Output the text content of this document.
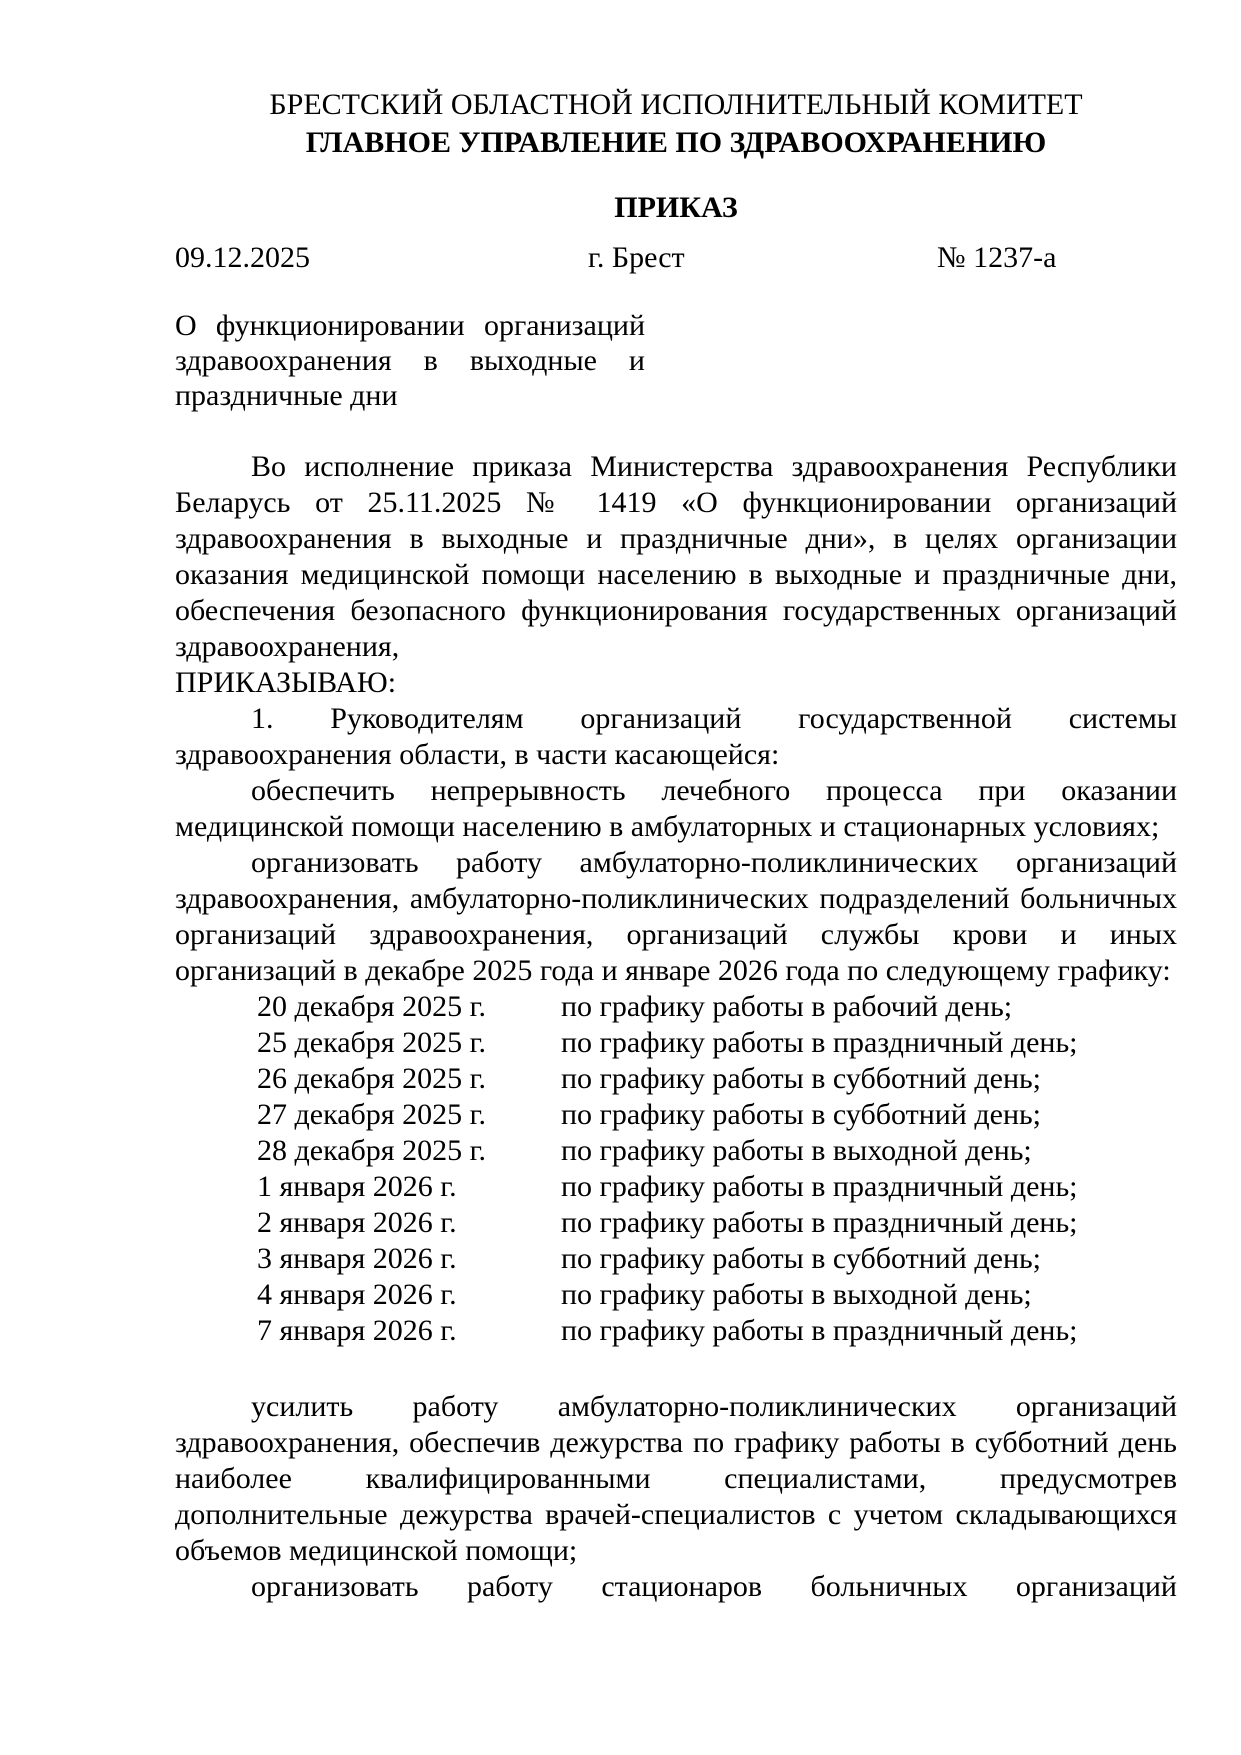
БРЕСТСКИЙ ОБЛАСТНОЙ ИСПОЛНИТЕЛЬНЫЙ КОМИТЕТ
ГЛАВНОЕ УПРАВЛЕНИЕ ПО ЗДРАВООХРАНЕНИЮ
ПРИКАЗ
09.12.2025	г. Брест	№ 1237-а
О функционировании организаций здравоохранения в выходные и праздничные дни

Во исполнение приказа Министерства здравоохранения Республики Беларусь от 25.11.2025 № 1419 «О функционировании организаций здравоохранения в выходные и праздничные дни», в целях организации оказания медицинской помощи населению в выходные и праздничные дни, обеспечения безопасного функционирования государственных организаций здравоохранения,

ПРИКАЗЫВАЮ:

1. Руководителям организаций государственной системы здравоохранения области, в части касающейся:

обеспечить непрерывность лечебного процесса при оказании медицинской помощи населению в амбулаторных и стационарных условиях;

организовать работу амбулаторно-поликлинических организаций здравоохранения, амбулаторно-поликлинических подразделений больничных организаций здравоохранения, организаций службы крови и иных организаций в декабре 2025 года и январе 2026 года по следующему графику:

20 декабря 2025 г.	по графику работы в рабочий день;
25 декабря 2025 г.	по графику работы в праздничный день;
26 декабря 2025 г.	по графику работы в субботний день;
27 декабря 2025 г.	по графику работы в субботний день;
28 декабря 2025 г.	по графику работы в выходной день;
1 января 2026 г.	по графику работы в праздничный день;
2 января 2026 г.	по графику работы в праздничный день;
3 января 2026 г.	по графику работы в субботний день;
4 января 2026 г.	по графику работы в выходной день;
7 января 2026 г.	по графику работы в праздничный день;

усилить работу амбулаторно-поликлинических организаций здравоохранения, обеспечив дежурства по графику работы в субботний день наиболее квалифицированными специалистами, предусмотрев дополнительные дежурства врачей-специалистов с учетом складывающихся объемов медицинской помощи;

организовать работу стационаров больничных организаций
